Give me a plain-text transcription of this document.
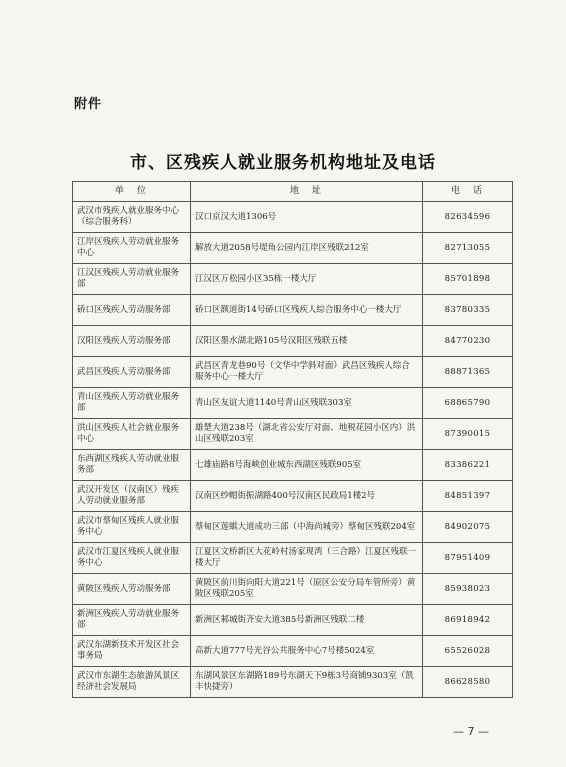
附件
市、区残疾人就业服务机构地址及电话
单　位	地　址	电　话
武汉市残疾人就业服务中心（综合服务科）	汉口京汉大道1306号	82634596
江岸区残疾人劳动就业服务中心	解放大道2058号堤角公园内江岸区残联212室	82713055
江汉区残疾人劳动就业服务部	江汉区万松园小区35栋一楼大厅	85701898
硚口区残疾人劳动服务部	硚口区额道街14号硚口区残疾人综合服务中心一楼大厅	83780335
汉阳区残疾人劳动服务部	汉阳区墨水湖北路105号汉阳区残联五楼	84770230
武昌区残疾人劳动服务部	武昌区青龙巷90号（文华中学斜对面）武昌区残疾人综合服务中心一楼大厅	88871365
青山区残疾人劳动就业服务部	青山区友谊大道1140号青山区残联303室	68865790
洪山区残疾人社会就业服务中心	雄楚大道238号（湖北省公安厅对面、地税花园小区内）洪山区残联203室	87390015
东西湖区残疾人劳动就业服务部	七雄庙路8号海峡创业城东西湖区残联905室	83386221
武汉开发区（汉南区）残疾人劳动就业服务部	汉南区纱帽街振湖路400号汉南区民政局1楼2号	84851397
武汉市蔡甸区残疾人就业服务中心	蔡甸区莲蜞大道成功三部（中海尚城旁）蔡甸区残联204室	84902075
武汉市江夏区残疾人就业服务中心	江夏区文桥新区大花岭村汤家现湾（三合路）江夏区残联一楼大厅	87951409
黄陂区残疾人劳动服务部	黄陂区前川街向阳大道221号（原区公安分局车管所旁）黄陂区残联205室	85938023
新洲区残疾人劳动就业服务部	新洲区邾城街齐安大道385号新洲区残联二楼	86918942
武汉东湖新技术开发区社会事务局	高新大道777号光谷公共服务中心7号楼5024室	65526028
武汉市东湖生态旅游风景区经济社会发展局	东湖风景区东湖路189号东湖天下9栋3号商铺9303室（凯丰快捷旁）	86628580
— 7 —
